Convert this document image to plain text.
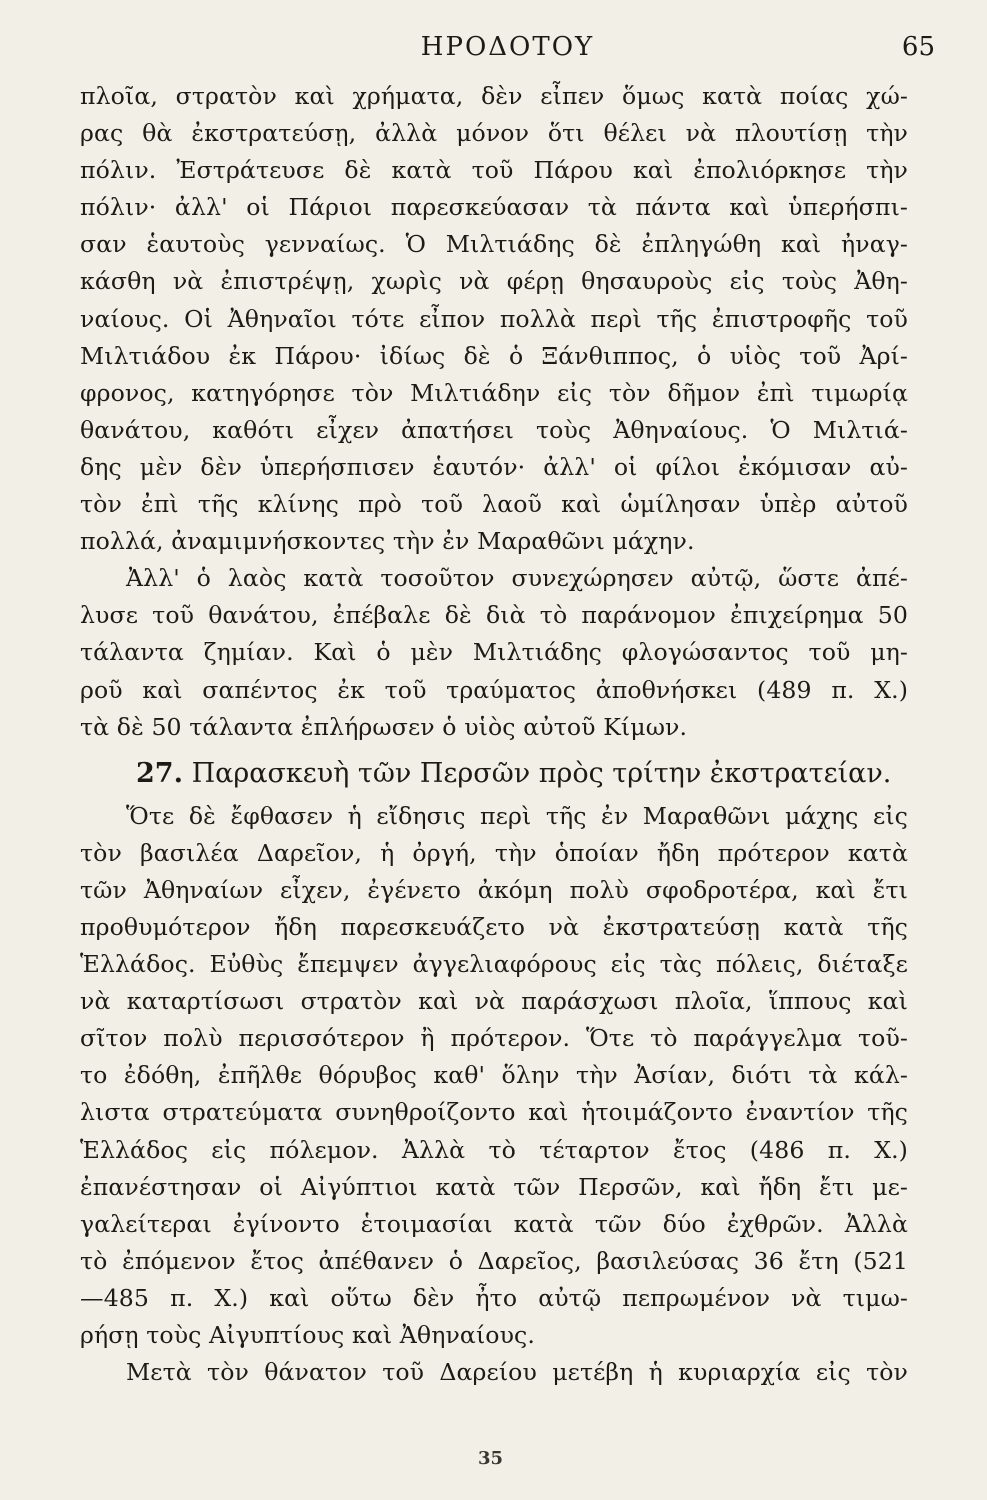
ΗΡΟΔΟΤΟΥ	65
πλοῖα, στρατὸν καὶ χρήματα, δὲν εἶπεν ὅμως κατὰ ποίας χώ-
ρας θὰ ἐκστρατεύσῃ, ἀλλὰ μόνον ὅτι θέλει νὰ πλουτίσῃ τὴν
πόλιν. Ἐστράτευσε δὲ κατὰ τοῦ Πάρου καὶ ἐπολιόρκησε τὴν
πόλιν· ἀλλ' οἱ Πάριοι παρεσκεύασαν τὰ πάντα καὶ ὑπερήσπι-
σαν ἑαυτοὺς γενναίως. Ὁ Μιλτιάδης δὲ ἐπληγώθη καὶ ἠναγ-
κάσθη νὰ ἐπιστρέψῃ, χωρὶς νὰ φέρῃ θησαυροὺς εἰς τοὺς Ἀθη-
ναίους. Οἱ Ἀθηναῖοι τότε εἶπον πολλὰ περὶ τῆς ἐπιστροφῆς τοῦ
Μιλτιάδου ἐκ Πάρου· ἰδίως δὲ ὁ Ξάνθιππος, ὁ υἱὸς τοῦ Ἀρί-
φρονος, κατηγόρησε τὸν Μιλτιάδην εἰς τὸν δῆμον ἐπὶ τιμωρίᾳ
θανάτου, καθότι εἶχεν ἀπατήσει τοὺς Ἀθηναίους. Ὁ Μιλτιά-
δης μὲν δὲν ὑπερήσπισεν ἑαυτόν· ἀλλ' οἱ φίλοι ἐκόμισαν αὐ-
τὸν ἐπὶ τῆς κλίνης πρὸ τοῦ λαοῦ καὶ ὡμίλησαν ὑπὲρ αὐτοῦ
πολλά, ἀναμιμνήσκοντες τὴν ἐν Μαραθῶνι μάχην.
Ἀλλ' ὁ λαὸς κατὰ τοσοῦτον συνεχώρησεν αὐτῷ, ὥστε ἀπέ-
λυσε τοῦ θανάτου, ἐπέβαλε δὲ διὰ τὸ παράνομον ἐπιχείρημα 50
τάλαντα ζημίαν. Καὶ ὁ μὲν Μιλτιάδης φλογώσαντος τοῦ μη-
ροῦ καὶ σαπέντος ἐκ τοῦ τραύματος ἀποθνήσκει (489 π. Χ.)
τὰ δὲ 50 τάλαντα ἐπλήρωσεν ὁ υἱὸς αὐτοῦ Κίμων.
27. Παρασκευὴ τῶν Περσῶν πρὸς τρίτην ἐκστρατείαν.
Ὅτε δὲ ἔφθασεν ἡ εἴδησις περὶ τῆς ἐν Μαραθῶνι μάχης εἰς
τὸν βασιλέα Δαρεῖον, ἡ ὀργή, τὴν ὁποίαν ἤδη πρότερον κατὰ
τῶν Ἀθηναίων εἶχεν, ἐγένετο ἀκόμη πολὺ σφοδροτέρα, καὶ ἔτι
προθυμότερον ἤδη παρεσκευάζετο νὰ ἐκστρατεύσῃ κατὰ τῆς
Ἑλλάδος. Εὐθὺς ἔπεμψεν ἀγγελιαφόρους εἰς τὰς πόλεις, διέταξε
νὰ καταρτίσωσι στρατὸν καὶ νὰ παράσχωσι πλοῖα, ἵππους καὶ
σῖτον πολὺ περισσότερον ἢ πρότερον. Ὅτε τὸ παράγγελμα τοῦ-
το ἐδόθη, ἐπῆλθε θόρυβος καθ' ὅλην τὴν Ἀσίαν, διότι τὰ κάλ-
λιστα στρατεύματα συνηθροίζοντο καὶ ἡτοιμάζοντο ἐναντίον τῆς
Ἑλλάδος εἰς πόλεμον. Ἀλλὰ τὸ τέταρτον ἔτος (486 π. Χ.)
ἐπανέστησαν οἱ Αἰγύπτιοι κατὰ τῶν Περσῶν, καὶ ἤδη ἔτι με-
γαλείτεραι ἐγίνοντο ἑτοιμασίαι κατὰ τῶν δύο ἐχθρῶν. Ἀλλὰ
τὸ ἐπόμενον ἔτος ἀπέθανεν ὁ Δαρεῖος, βασιλεύσας 36 ἔτη (521
—485 π. Χ.) καὶ οὕτω δὲν ἦτο αὐτῷ πεπρωμένον νὰ τιμω-
ρήσῃ τοὺς Αἰγυπτίους καὶ Ἀθηναίους.
Μετὰ τὸν θάνατον τοῦ Δαρείου μετέβη ἡ κυριαρχία εἰς τὸν
35
